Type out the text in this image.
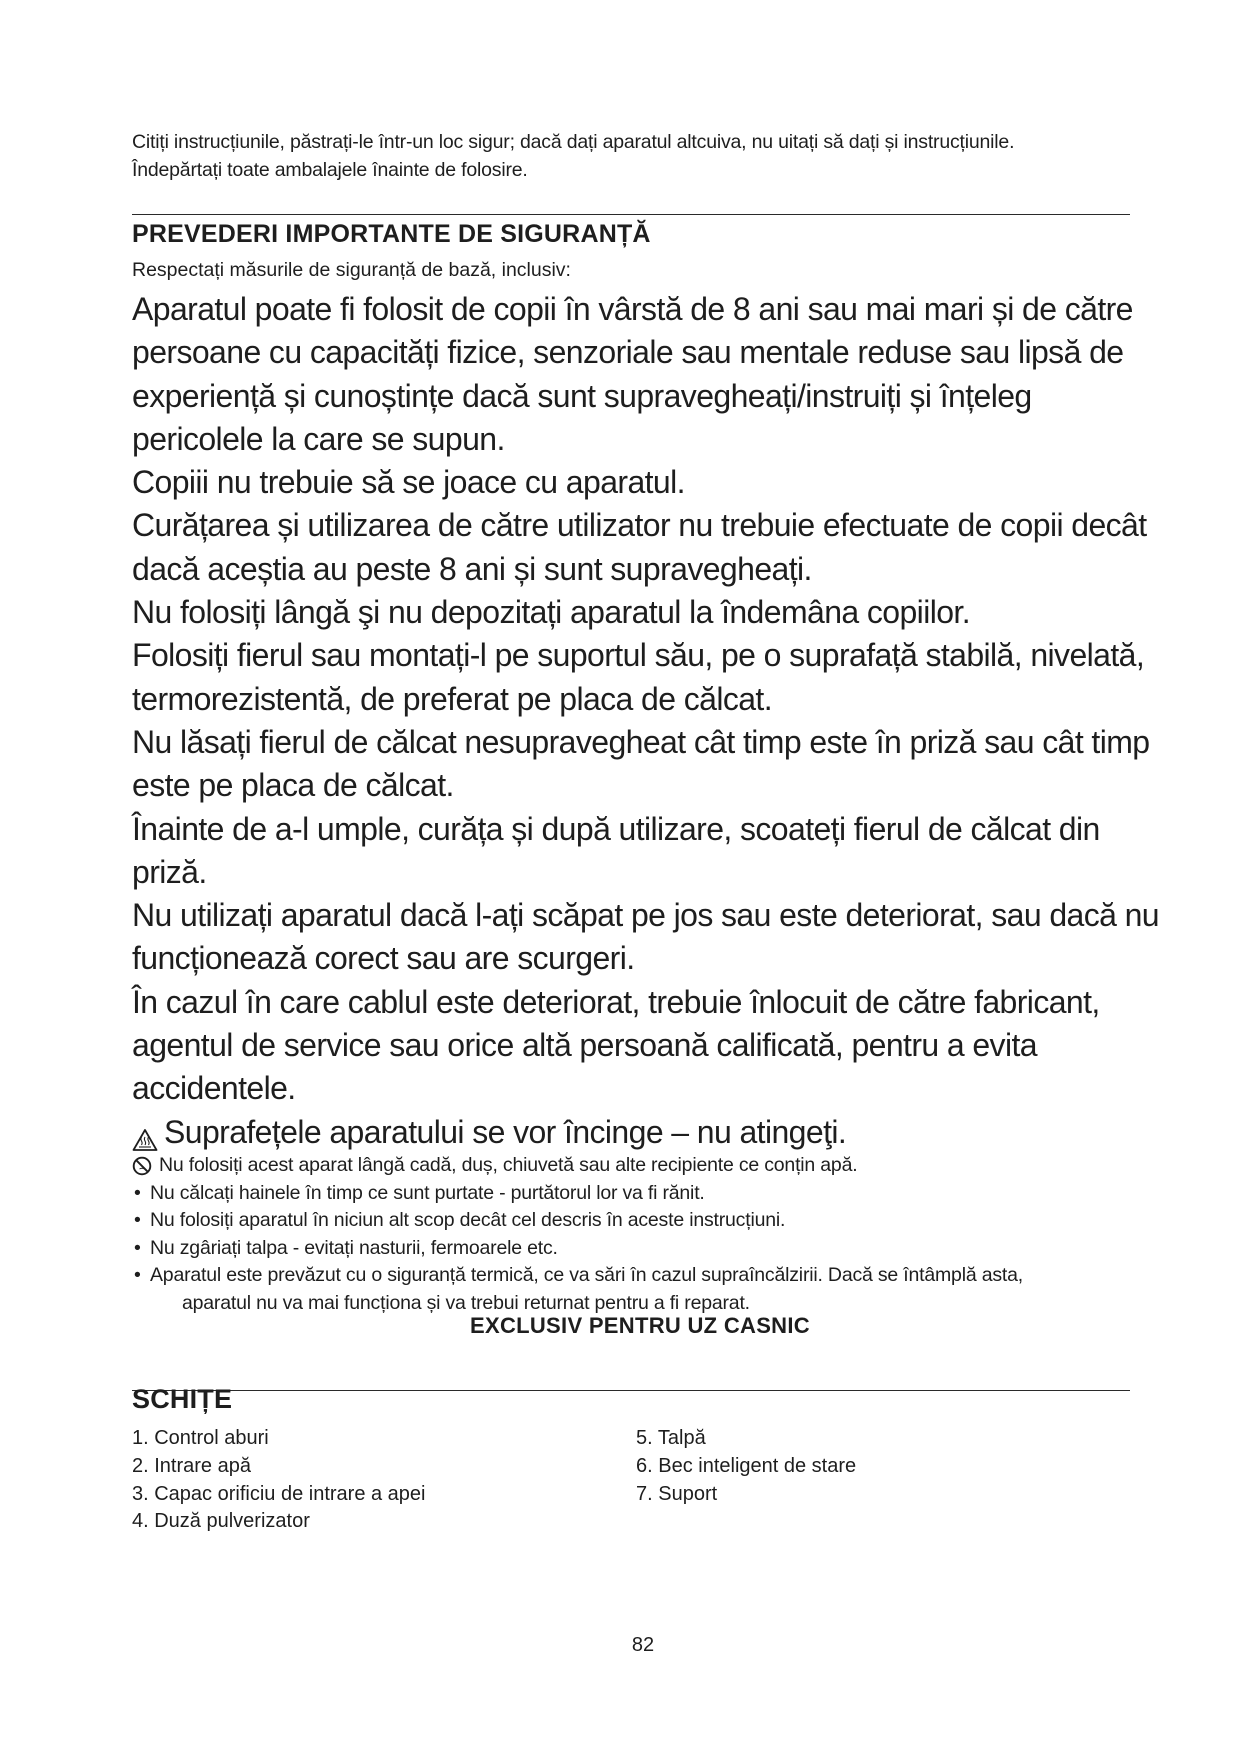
Citiți instrucțiunile, păstrați-le într-un loc sigur; dacă dați aparatul altcuiva, nu uitați să dați și instrucțiunile.
Îndepărtați toate ambalajele înainte de folosire.
PREVEDERI IMPORTANTE DE SIGURANȚĂ
Respectați măsurile de siguranță de bază, inclusiv:
Aparatul poate fi folosit de copii în vârstă de 8 ani sau mai mari și de către
persoane cu capacități fizice, senzoriale sau mentale reduse sau lipsă de
experiență și cunoștințe dacă sunt supravegheați/instruiți și înțeleg
pericolele la care se supun.
Copiii nu trebuie să se joace cu aparatul.
Curățarea și utilizarea de către utilizator nu trebuie efectuate de copii decât
dacă aceștia au peste 8 ani și sunt supravegheați.
Nu folosiți lângă şi nu depozitați aparatul la îndemâna copiilor.
Folosiți fierul sau montați-l pe suportul său, pe o suprafață stabilă, nivelată,
termorezistentă, de preferat pe placa de călcat.
Nu lăsați fierul de călcat nesupravegheat cât timp este în priză sau cât timp
este pe placa de călcat.
Înainte de a-l umple, curăța și după utilizare, scoateți fierul de călcat din
priză.
Nu utilizați aparatul dacă l-ați scăpat pe jos sau este deteriorat, sau dacă nu
funcționează corect sau are scurgeri.
În cazul în care cablul este deteriorat, trebuie înlocuit de către fabricant,
agentul de service sau orice altă persoană calificată, pentru a evita
accidentele.
Suprafețele aparatului se vor încinge – nu atingeţi.
Nu folosiți acest aparat lângă cadă, duș, chiuvetă sau alte recipiente ce conțin apă.
• Nu călcați hainele în timp ce sunt purtate - purtătorul lor va fi rănit.
• Nu folosiți aparatul în niciun alt scop decât cel descris în aceste instrucțiuni.
• Nu zgâriați talpa - evitați nasturii, fermoarele etc.
• Aparatul este prevăzut cu o siguranță termică, ce va sări în cazul supraîncălzirii. Dacă se întâmplă asta,
aparatul nu va mai funcționa și va trebui returnat pentru a fi reparat.
EXCLUSIV PENTRU UZ CASNIC
SCHIȚE
1. Control aburi
2. Intrare apă
3. Capac orificiu de intrare a apei
4. Duză pulverizator
5. Talpă
6. Bec inteligent de stare
7. Suport
82
